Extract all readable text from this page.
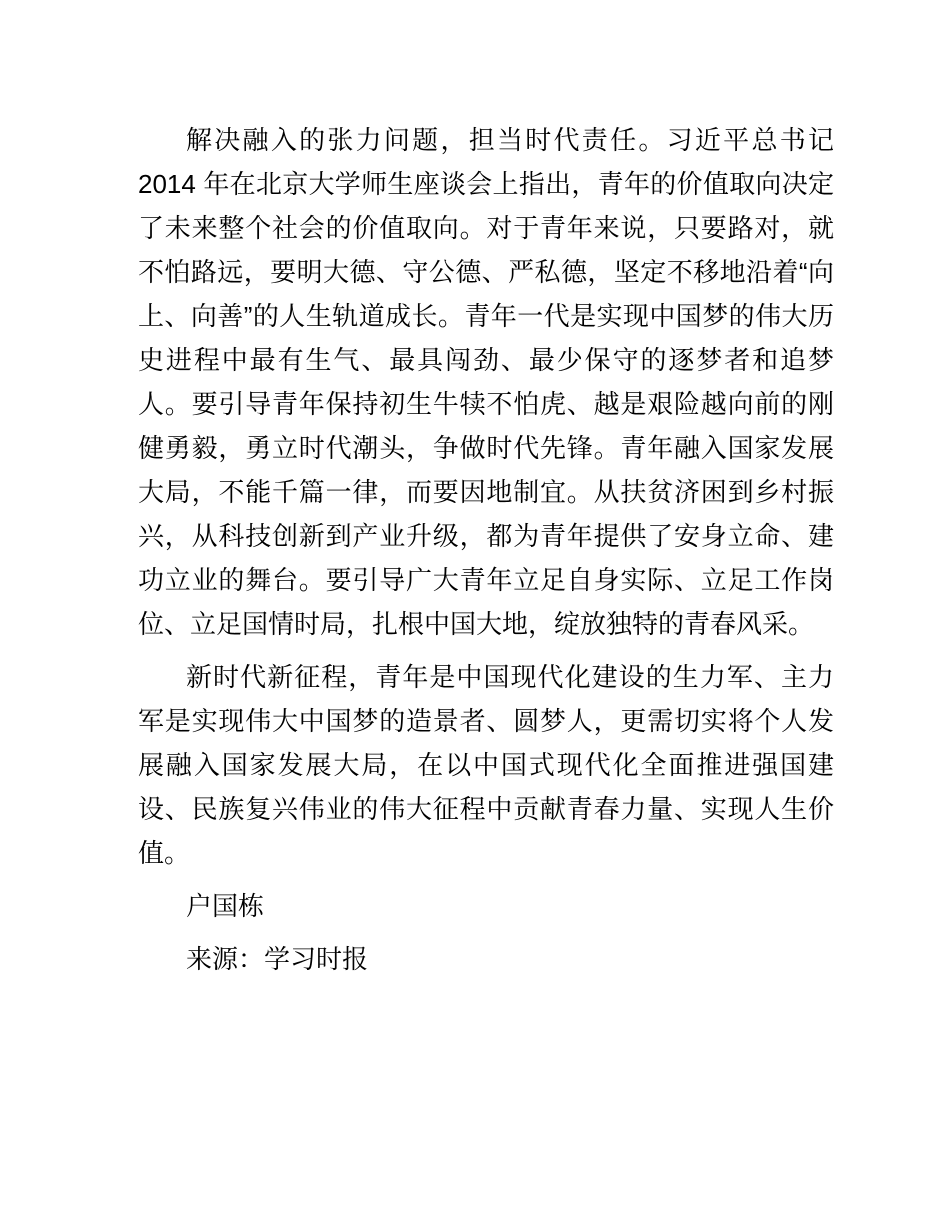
解决融入的张力问题，担当时代责任。习近平总书记 2014 年在北京大学师生座谈会上指出，青年的价值取向决定了未来整个社会的价值取向。对于青年来说，只要路对，就不怕路远，要明大德、守公德、严私德，坚定不移地沿着“向上、向善”的人生轨道成长。青年一代是实现中国梦的伟大历史进程中最有生气、最具闯劲、最少保守的逐梦者和追梦人。要引导青年保持初生牛犊不怕虎、越是艰险越向前的刚健勇毅，勇立时代潮头，争做时代先锋。青年融入国家发展大局，不能千篇一律，而要因地制宜。从扶贫济困到乡村振兴，从科技创新到产业升级，都为青年提供了安身立命、建功立业的舞台。要引导广大青年立足自身实际、立足工作岗位、立足国情时局，扎根中国大地，绽放独特的青春风采。

新时代新征程，青年是中国现代化建设的生力军、主力军是实现伟大中国梦的造景者、圆梦人，更需切实将个人发展融入国家发展大局，在以中国式现代化全面推进强国建设、民族复兴伟业的伟大征程中贡献青春力量、实现人生价值。

户国栋

来源：学习时报
